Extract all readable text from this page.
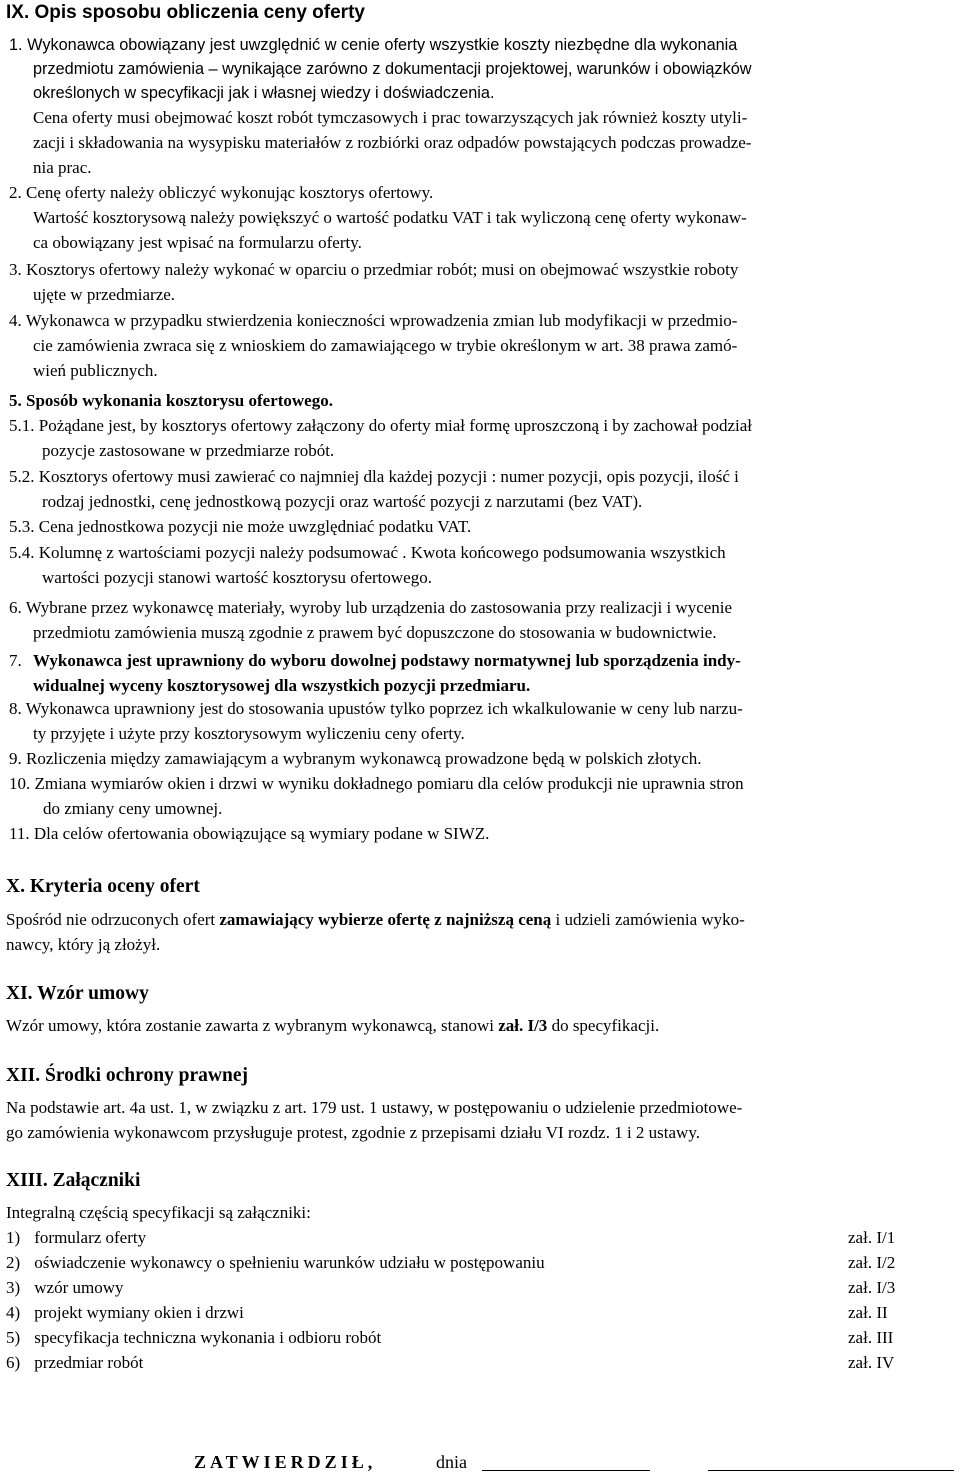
IX. Opis sposobu obliczenia ceny oferty
1. Wykonawca obowiązany jest uwzględnić w cenie oferty wszystkie koszty niezbędne dla wykonania
przedmiotu zamówienia – wynikające zarówno z dokumentacji projektowej, warunków i obowiązków
określonych w specyfikacji jak i własnej wiedzy i doświadczenia.
Cena oferty musi obejmować koszt robót tymczasowych i prac towarzyszących jak również koszty utyli-
zacji i składowania na wysypisku materiałów z rozbiórki oraz odpadów powstających podczas prowadze-
nia prac.
2. Cenę oferty należy obliczyć wykonując kosztorys ofertowy.
Wartość kosztorysową należy powiększyć o wartość podatku VAT i tak wyliczoną cenę oferty wykonaw-
ca obowiązany jest wpisać na formularzu oferty.
3. Kosztorys ofertowy należy wykonać w oparciu o przedmiar robót; musi on obejmować wszystkie roboty
ujęte w przedmiarze.
4. Wykonawca w przypadku stwierdzenia konieczności wprowadzenia zmian lub modyfikacji w przedmio-
cie zamówienia zwraca się z wnioskiem do zamawiającego w trybie określonym w art. 38 prawa zamó-
wień publicznych.
5. Sposób wykonania kosztorysu ofertowego.
5.1. Pożądane jest, by kosztorys ofertowy załączony do oferty miał formę uproszczoną i by zachował podział
pozycje zastosowane w przedmiarze robót.
5.2. Kosztorys ofertowy musi zawierać co najmniej dla każdej pozycji : numer pozycji, opis pozycji, ilość i
rodzaj jednostki, cenę jednostkową pozycji oraz wartość pozycji z narzutami (bez VAT).
5.3. Cena jednostkowa pozycji nie może uwzględniać podatku VAT.
5.4. Kolumnę z wartościami pozycji należy podsumować . Kwota końcowego podsumowania wszystkich
wartości pozycji stanowi wartość kosztorysu ofertowego.
6. Wybrane przez wykonawcę materiały, wyroby lub urządzenia do zastosowania przy realizacji i wycenie
przedmiotu zamówienia muszą zgodnie z prawem być dopuszczone do stosowania w budownictwie.
7. Wykonawca jest uprawniony do wyboru dowolnej podstawy normatywnej lub sporządzenia indy-
widualnej wyceny kosztorysowej dla wszystkich pozycji przedmiaru.
8. Wykonawca uprawniony jest do stosowania upustów tylko poprzez ich wkalkulowanie w ceny lub narzu-
ty przyjęte i użyte przy kosztorysowym wyliczeniu ceny oferty.
9. Rozliczenia między zamawiającym a wybranym wykonawcą prowadzone będą w polskich złotych.
10. Zmiana wymiarów okien i drzwi w wyniku dokładnego pomiaru dla celów produkcji nie uprawnia stron
do zmiany ceny umownej.
11. Dla celów ofertowania obowiązujące są wymiary podane w SIWZ.
X. Kryteria oceny ofert
Spośród nie odrzuconych ofert zamawiający wybierze ofertę z najniższą ceną i udzieli zamówienia wyko-
nawcy, który ją złożył.
XI. Wzór umowy
Wzór umowy, która zostanie zawarta z wybranym wykonawcą, stanowi zał. I/3 do specyfikacji.
XII. Środki ochrony prawnej
Na podstawie art. 4a ust. 1, w związku z art. 179 ust. 1 ustawy, w postępowaniu o udzielenie przedmiotowe-
go zamówienia wykonawcom przysługuje protest, zgodnie z przepisami działu VI rozdz. 1 i 2 ustawy.
XIII. Załączniki
Integralną częścią specyfikacji są załączniki:
1) formularz oferty	zał. I/1
2) oświadczenie wykonawcy o spełnieniu warunków udziału w postępowaniu	zał. I/2
3) wzór umowy	zał. I/3
4) projekt wymiany okien i drzwi	zał. II
5) specyfikacja techniczna wykonania i odbioru robót	zał. III
6) przedmiar robót	zał. IV
ZATWIERDZIŁ,	dnia
